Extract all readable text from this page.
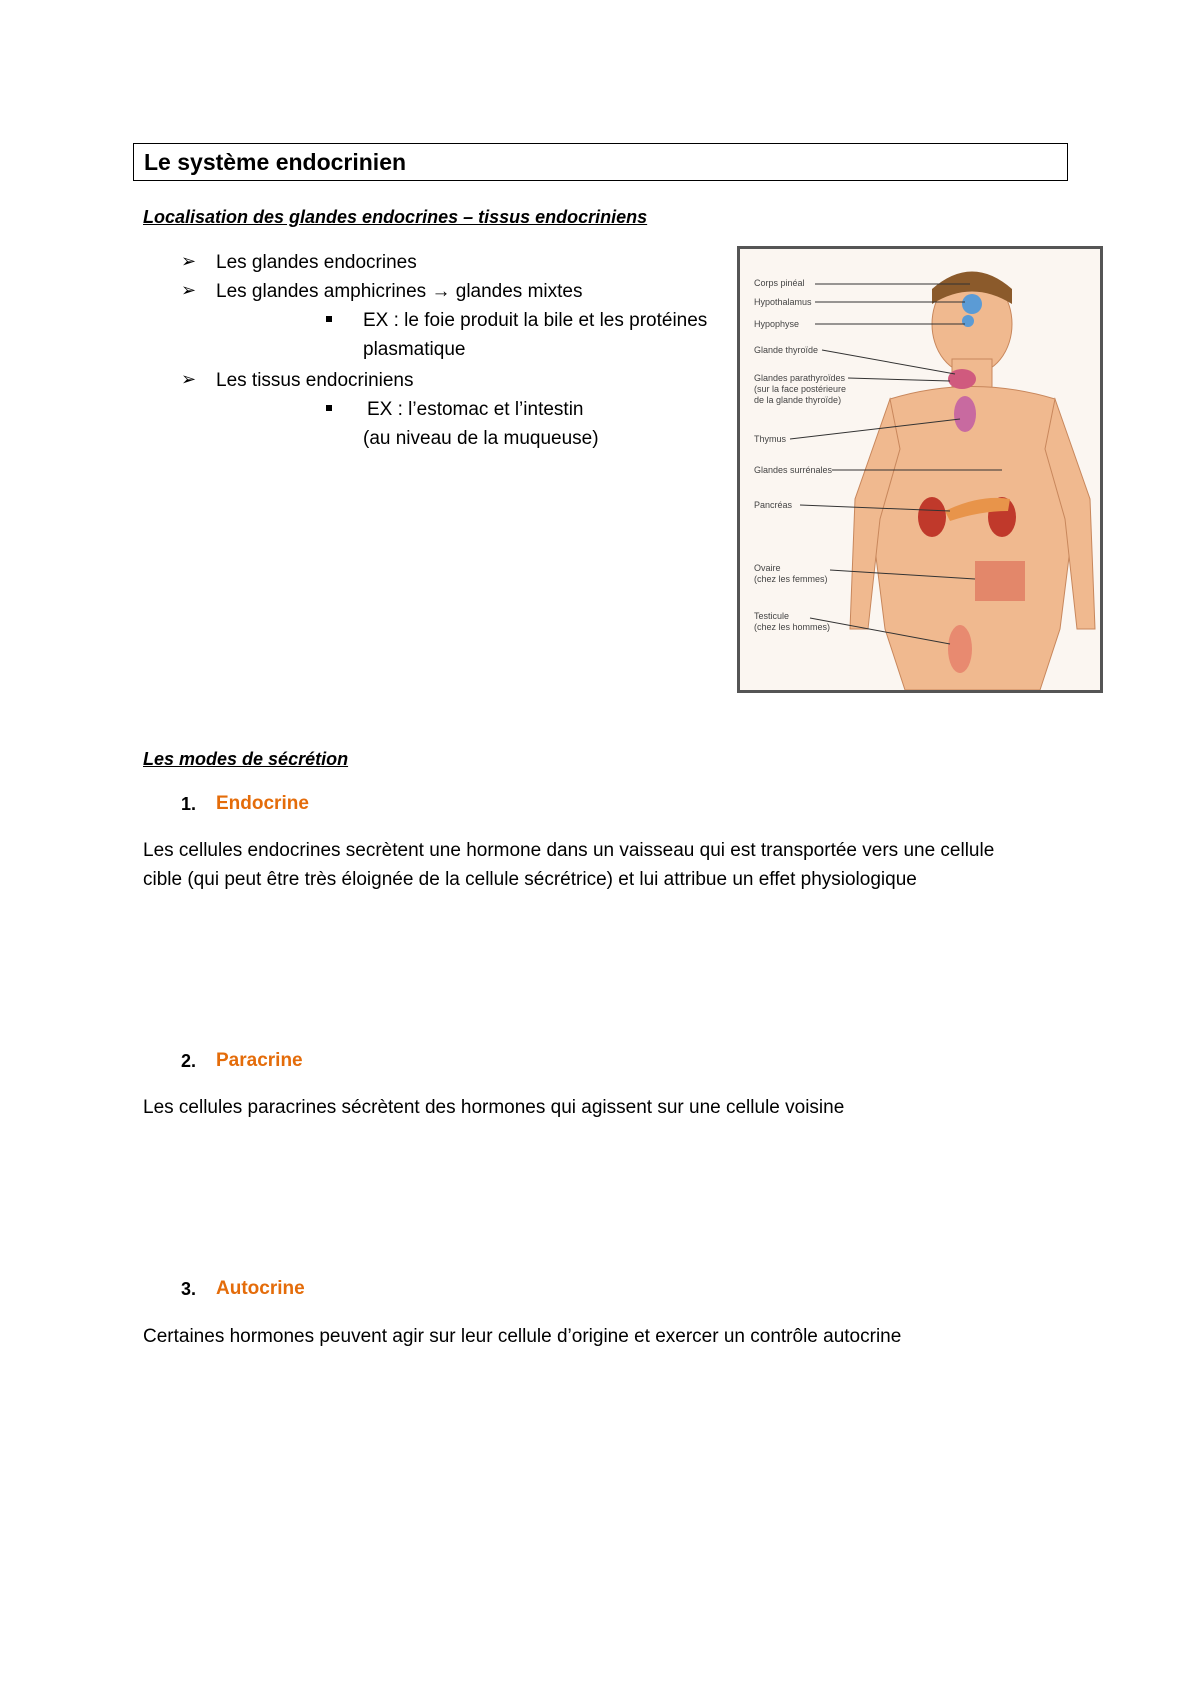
Le système endocrinien
Localisation des glandes endocrines – tissus endocriniens
➢ Les glandes endocrines
➢ Les glandes amphicrines → glandes mixtes
EX : le foie produit la bile et les protéines
plasmatique
➢ Les tissus endocriniens
EX : l’estomac et l’intestin
(au niveau de la muqueuse)
Corps pinéal
Hypothalamus
Hypophyse
Glande thyroïde
Glandes parathyroïdes
(sur la face postérieure
de la glande thyroïde)
Thymus
Glandes surrénales
Pancréas
Ovaire
(chez les femmes)
Testicule
(chez les hommes)
Les modes de sécrétion
1. Endocrine
Les cellules endocrines secrètent une hormone dans un vaisseau qui est transportée vers une cellule
cible (qui peut être très éloignée de la cellule sécrétrice) et lui attribue un effet physiologique
2. Paracrine
Les cellules paracrines sécrètent des hormones qui agissent sur une cellule voisine
3. Autocrine
Certaines hormones peuvent agir sur leur cellule d’origine et exercer un contrôle autocrine
